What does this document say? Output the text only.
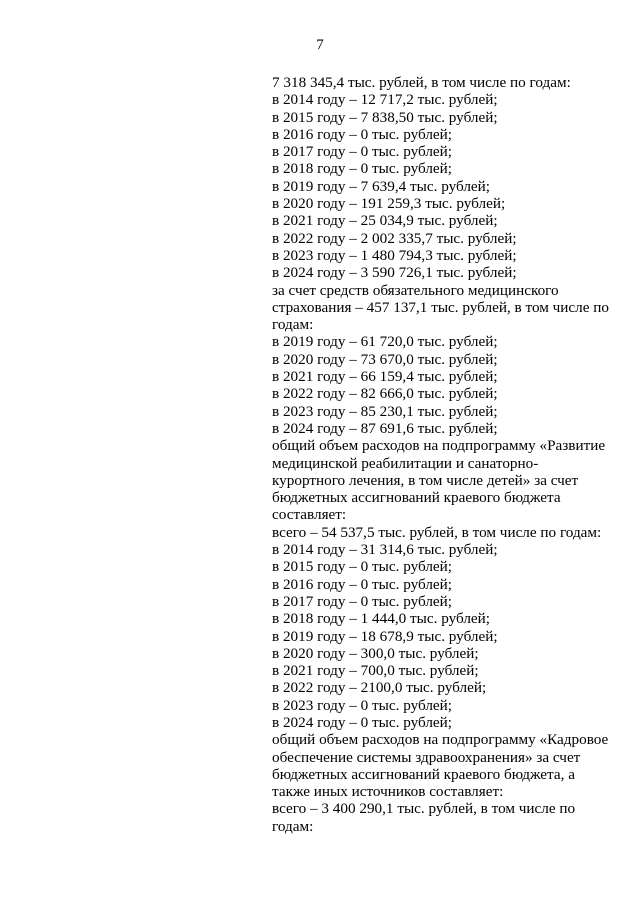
7
7 318 345,4 тыс. рублей, в том числе по годам:
в 2014 году – 12 717,2 тыс. рублей;
в 2015 году – 7 838,50 тыс. рублей;
в 2016 году – 0 тыс. рублей;
в 2017 году – 0 тыс. рублей;
в 2018 году – 0 тыс. рублей;
в 2019 году – 7 639,4 тыс. рублей;
в 2020 году – 191 259,3 тыс. рублей;
в 2021 году – 25 034,9 тыс. рублей;
в 2022 году – 2 002 335,7 тыс. рублей;
в 2023 году – 1 480 794,3 тыс. рублей;
в 2024 году – 3 590 726,1 тыс. рублей;
за счет средств обязательного медицинского
страхования – 457 137,1 тыс. рублей, в том числе по
годам:
в 2019 году – 61 720,0 тыс. рублей;
в 2020 году – 73 670,0 тыс. рублей;
в 2021 году – 66 159,4 тыс. рублей;
в 2022 году – 82 666,0 тыс. рублей;
в 2023 году – 85 230,1 тыс. рублей;
в 2024 году – 87 691,6 тыс. рублей;
общий объем расходов на подпрограмму «Развитие
медицинской реабилитации и санаторно-
курортного лечения, в том числе детей» за счет
бюджетных ассигнований краевого бюджета
составляет:
всего – 54 537,5 тыс. рублей, в том числе по годам:
в 2014 году – 31 314,6 тыс. рублей;
в 2015 году – 0 тыс. рублей;
в 2016 году – 0 тыс. рублей;
в 2017 году – 0 тыс. рублей;
в 2018 году – 1 444,0 тыс. рублей;
в 2019 году – 18 678,9 тыс. рублей;
в 2020 году – 300,0 тыс. рублей;
в 2021 году – 700,0 тыс. рублей;
в 2022 году – 2100,0 тыс. рублей;
в 2023 году – 0 тыс. рублей;
в 2024 году – 0 тыс. рублей;
общий объем расходов на подпрограмму «Кадровое
обеспечение системы здравоохранения» за счет
бюджетных ассигнований краевого бюджета, а
также иных источников составляет:
всего – 3 400 290,1 тыс. рублей, в том числе по
годам:
